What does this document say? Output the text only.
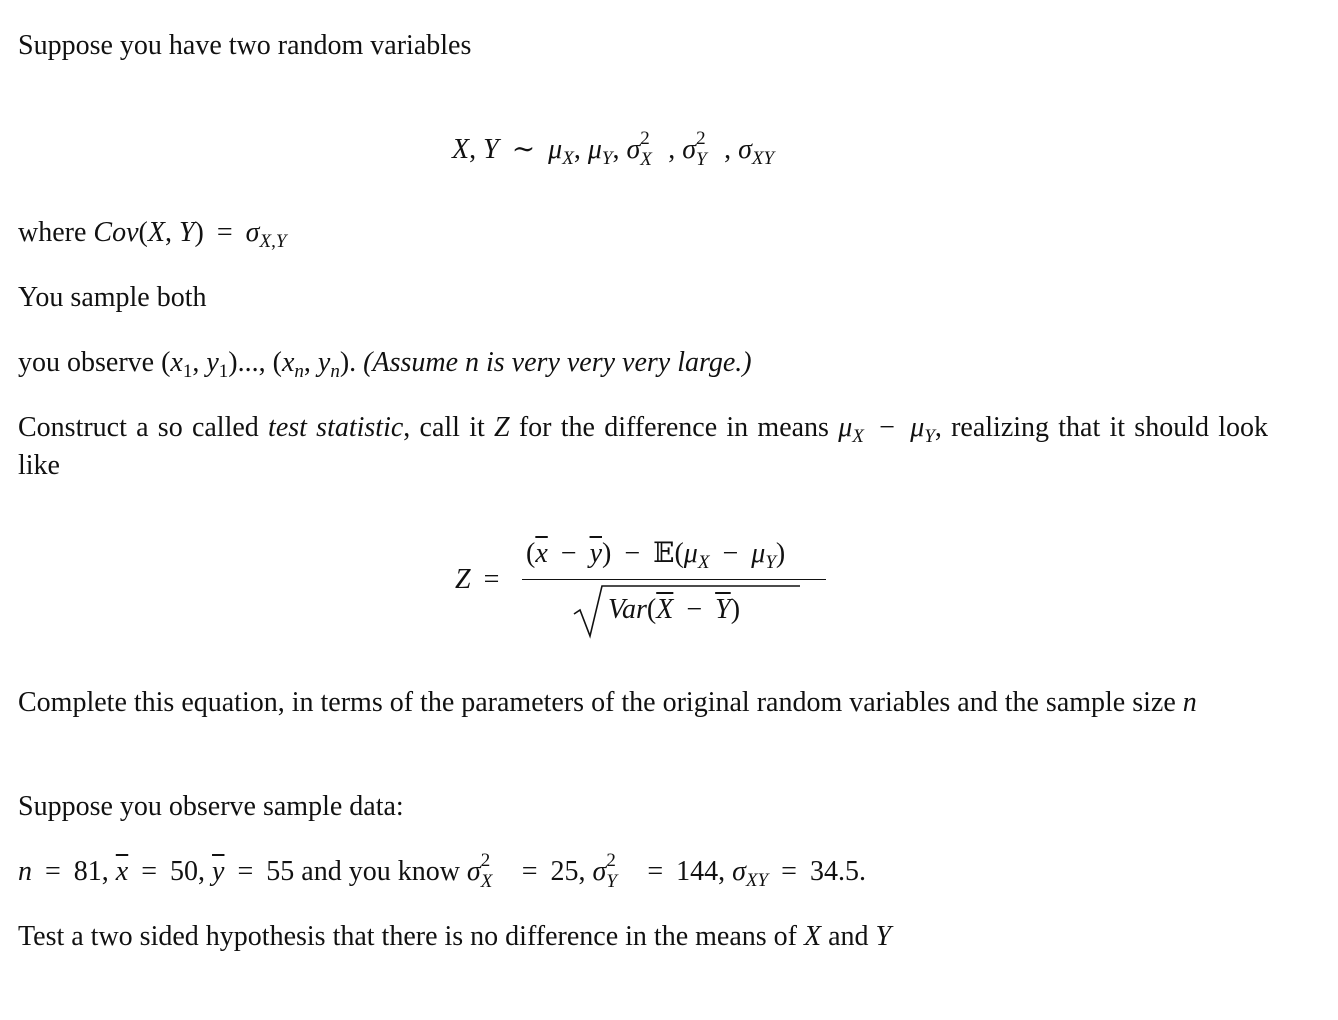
Suppose you have two random variables
X, Y ∼ $\mu_X$, $\mu_Y$, σ 2
X , σ 2
Y , $\sigma_{XY}$
where Cov(X, $Y) = \sigma_{X,Y}$
You sample both
you observe ($x_1$, $y_1$)..., ($x_n$, $y_n$). (Assume n is very very very large.)
Construct a so called test statistic, call it Z for the difference in means $\mu_X - \mu_Y$, realizing that it should look like
Z =
$(\overline{x} - \overline{y})$ − $𝔼(\mu_X - \mu_Y)$
$Var(\overline{X} - \overline{Y})$
Complete this equation, in terms of the parameters of the original random variables and the sample size n
Suppose you observe sample data:
n = 81, $\overline{x} = 50$, $\overline{y} = 55$ and you know σ 2
X = 25, σ 2
Y = 144, $\sigma_{XY} = 34.5$.
Test a two sided hypothesis that there is no difference in the means of X and Y
